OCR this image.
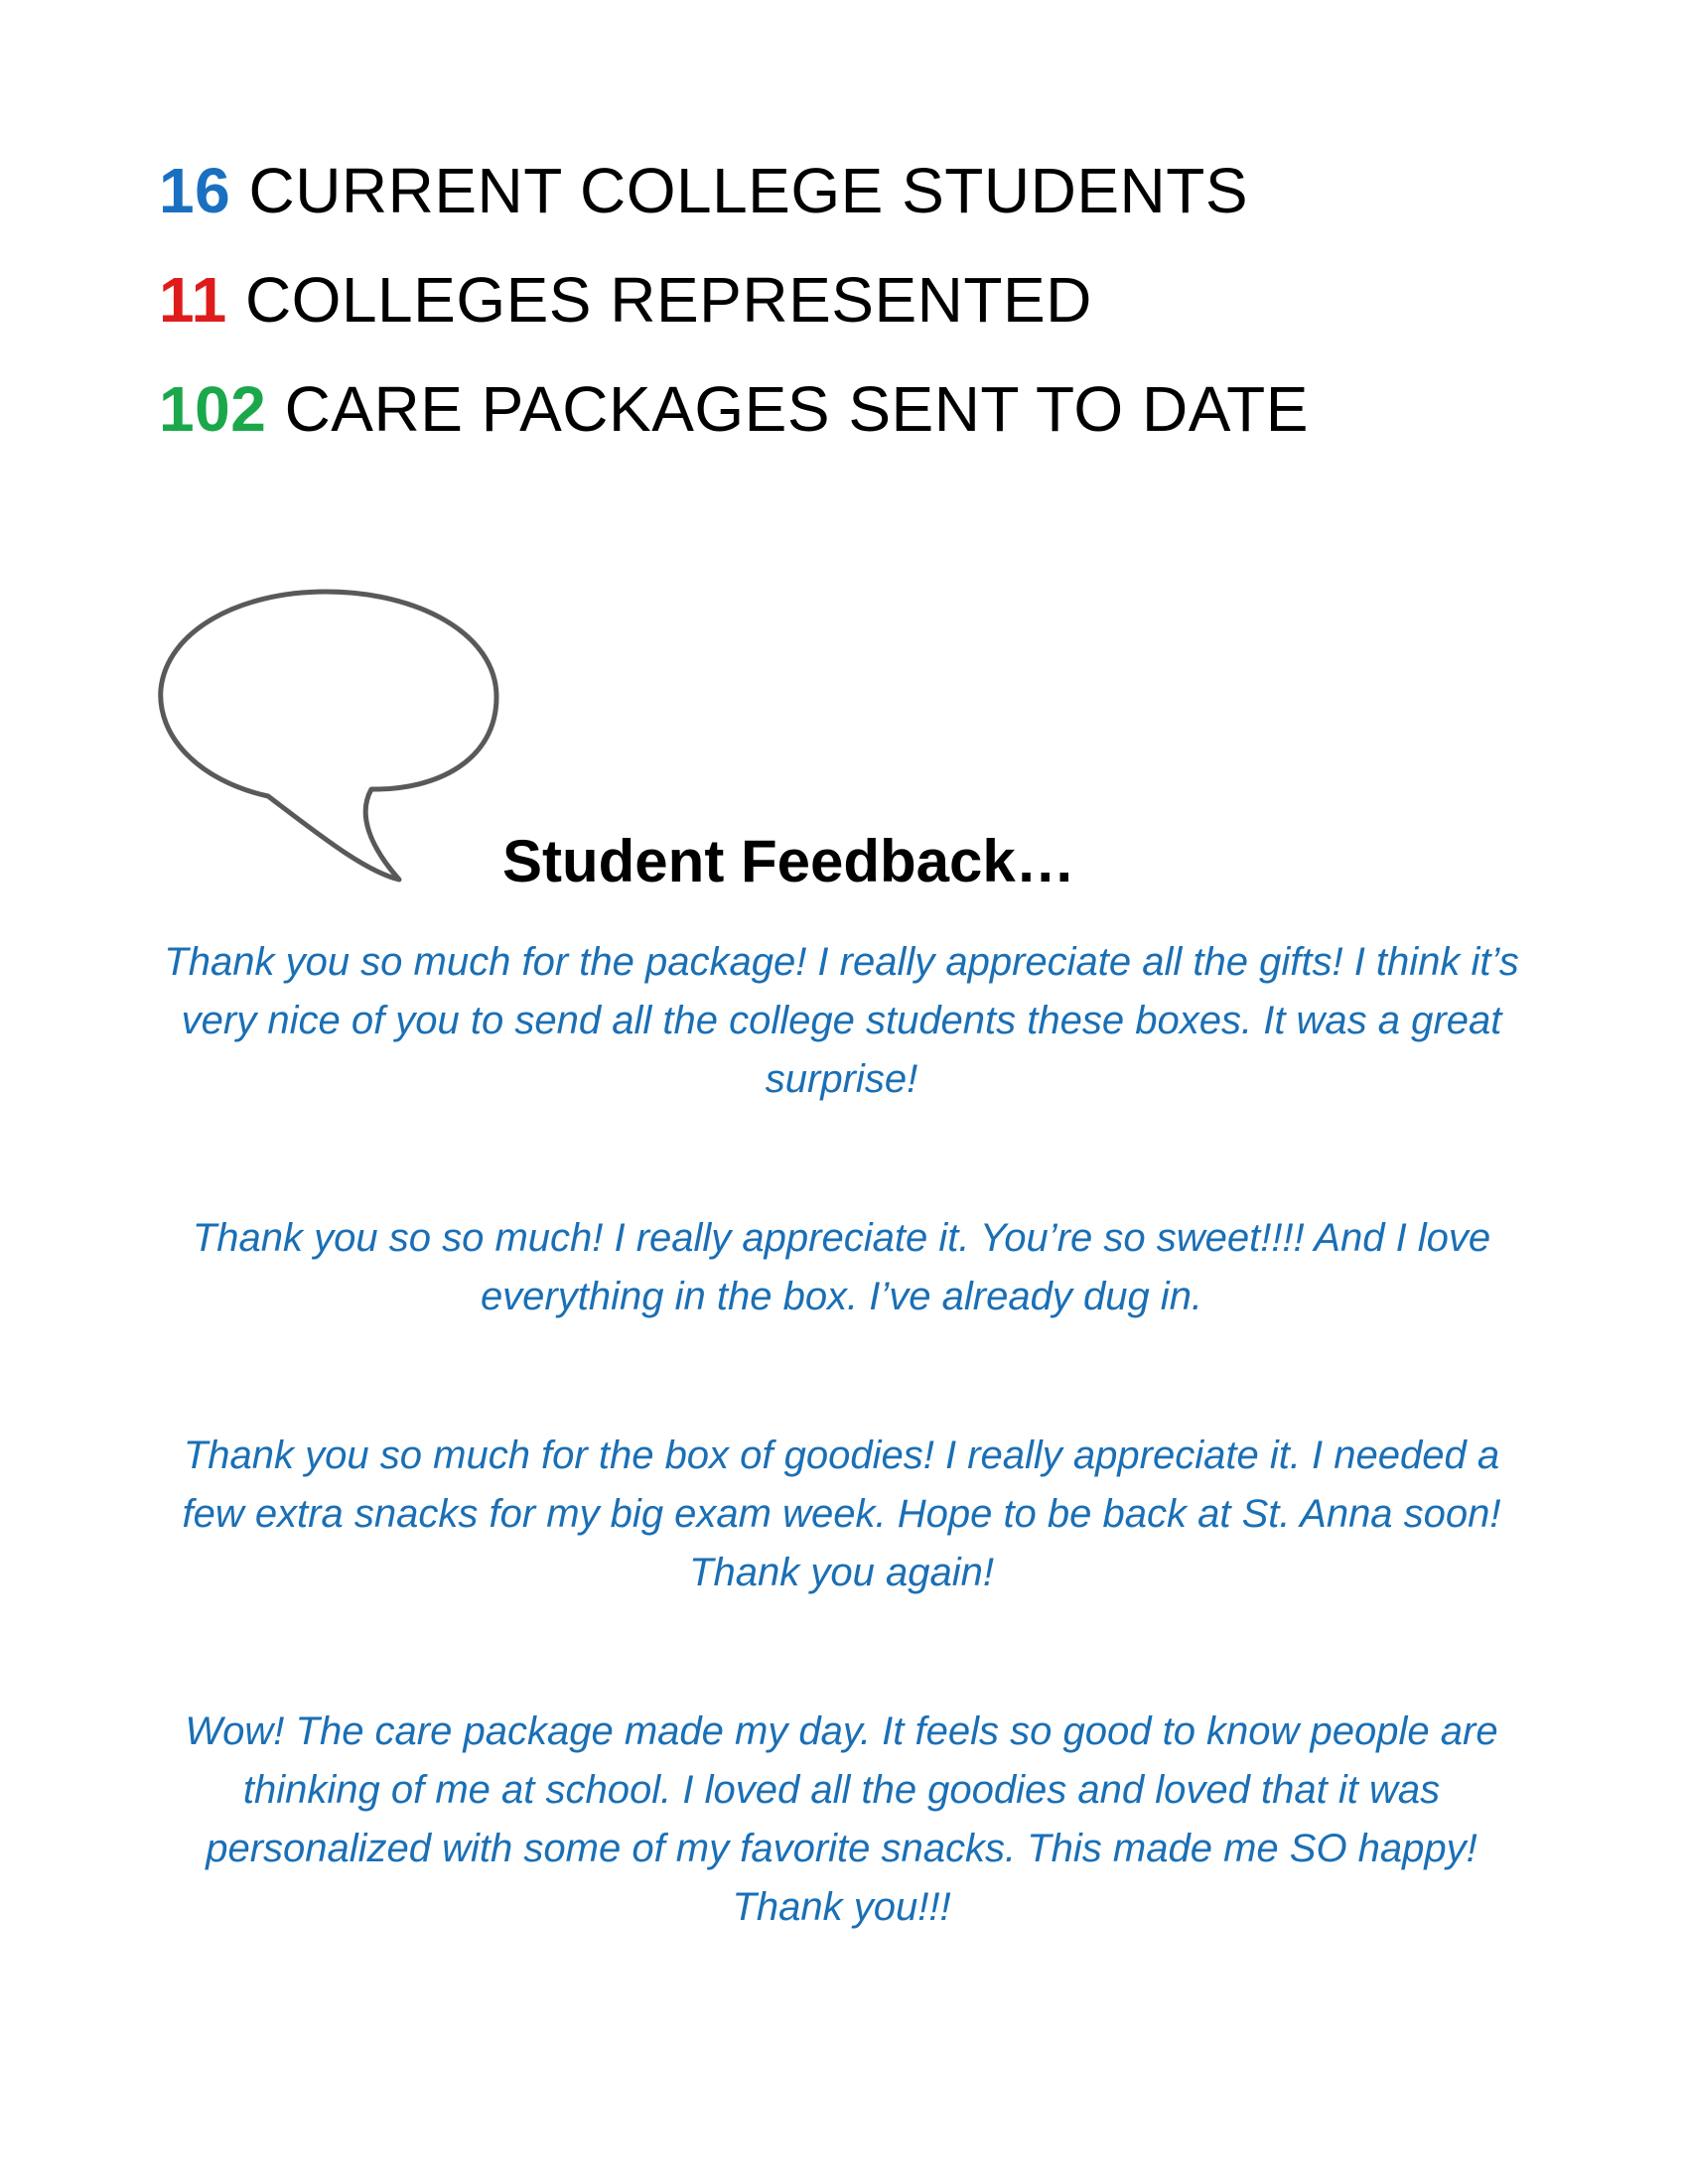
16 CURRENT COLLEGE STUDENTS
11 COLLEGES REPRESENTED
102 CARE PACKAGES SENT TO DATE
Student Feedback…

Thank you so much for the package! I really appreciate all the gifts! I think it’s very nice of you to send all the college students these boxes. It was a great surprise!

Thank you so so much! I really appreciate it. You’re so sweet!!!! And I love everything in the box. I’ve already dug in.

Thank you so much for the box of goodies! I really appreciate it. I needed a few extra snacks for my big exam week. Hope to be back at St. Anna soon! Thank you again!

Wow! The care package made my day. It feels so good to know people are thinking of me at school. I loved all the goodies and loved that it was personalized with some of my favorite snacks. This made me SO happy! Thank you!!!
